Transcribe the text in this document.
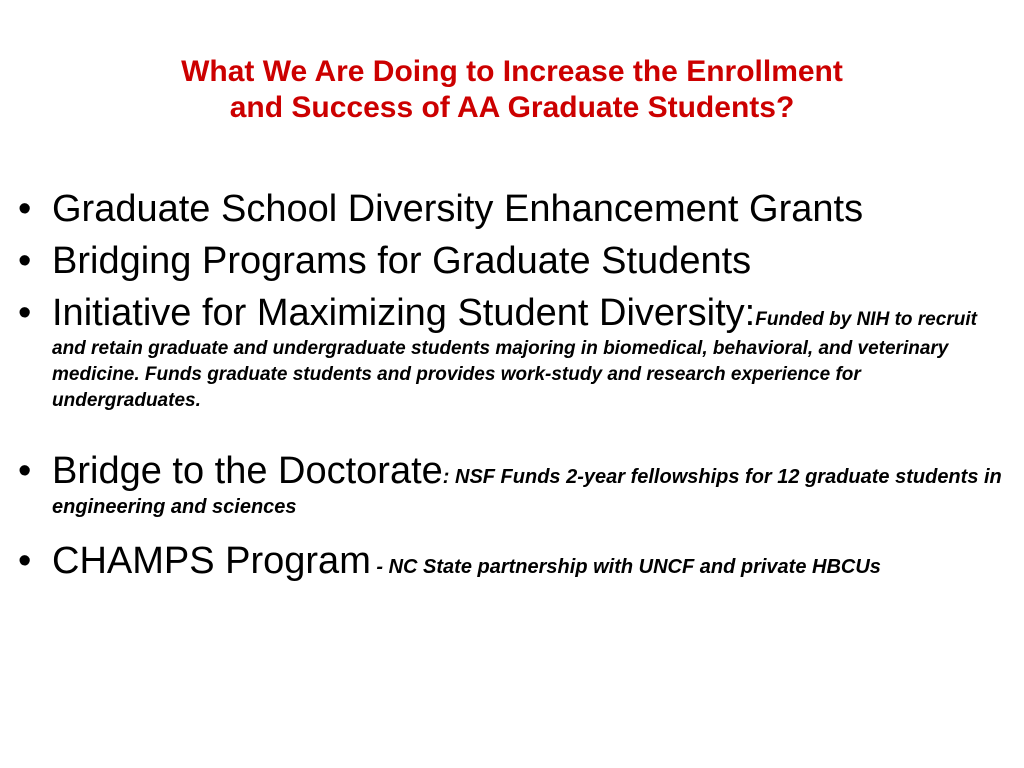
What We Are Doing to Increase the Enrollment
and Success of AA Graduate Students?
• Graduate School Diversity Enhancement Grants
• Bridging Programs for Graduate Students
• Initiative for Maximizing Student Diversity:Funded by NIH to recruit and retain graduate and undergraduate students majoring in biomedical, behavioral, and veterinary medicine. Funds graduate students and provides work-study and research experience for undergraduates.
• Bridge to the Doctorate: NSF Funds 2-year fellowships for 12 graduate students in engineering and sciences
• CHAMPS Program - NC State partnership with UNCF and private HBCUs
